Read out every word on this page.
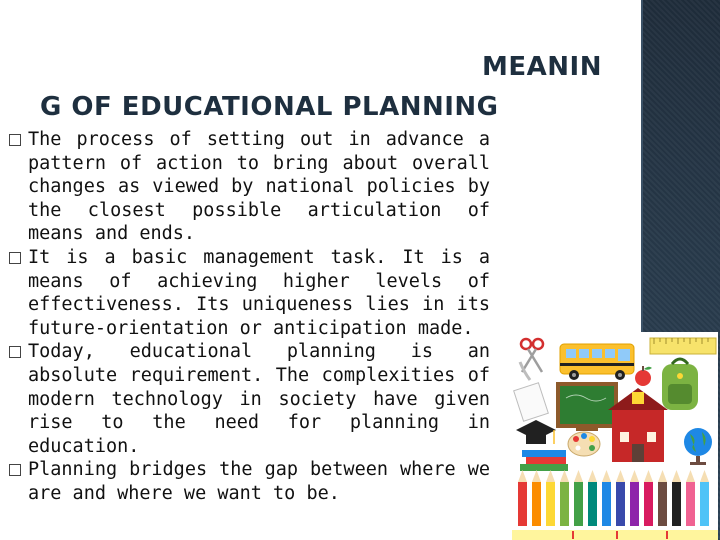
MEANIN
G OF EDUCATIONAL PLANNING
The process of setting out in advance a pattern of action to bring about overall changes as viewed by national policies by the closest possible articulation of means and ends.
It is a basic management task. It is a means of achieving higher levels of effectiveness. Its uniqueness lies in its future-orientation or anticipation made.
Today, educational planning is an absolute requirement. The complexities of modern technology in society have given rise to the need for planning in education.
Planning bridges the gap between where we are and where we want to be.
